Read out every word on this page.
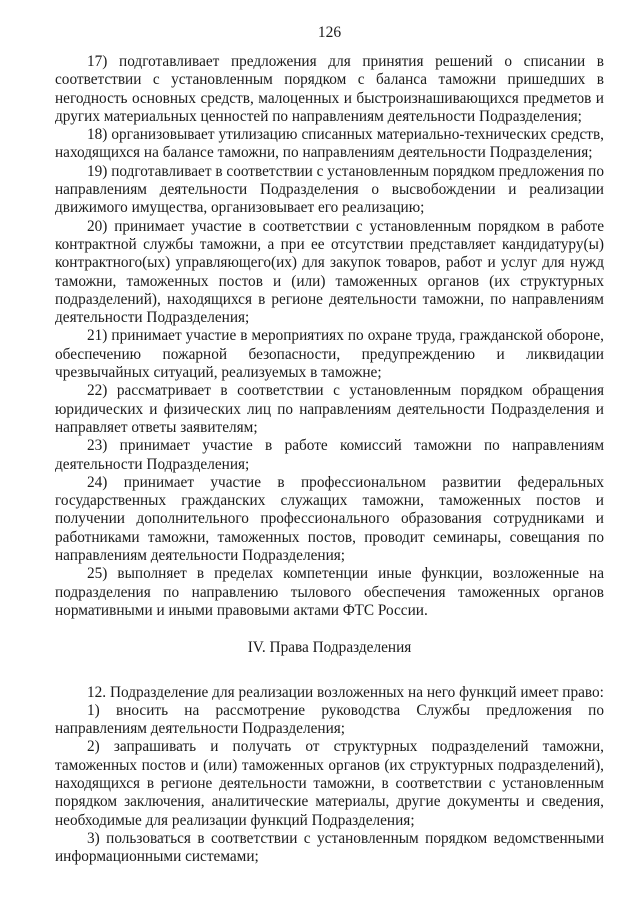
126

17) подготавливает предложения для принятия решений о списании в соответствии с установленным порядком с баланса таможни пришедших в негодность основных средств, малоценных и быстроизнашивающихся предметов и других материальных ценностей по направлениям деятельности Подразделения;

18) организовывает утилизацию списанных материально-технических средств, находящихся на балансе таможни, по направлениям деятельности Подразделения;

19) подготавливает в соответствии с установленным порядком предложения по направлениям деятельности Подразделения о высвобождении и реализации движимого имущества, организовывает его реализацию;

20) принимает участие в соответствии с установленным порядком в работе контрактной службы таможни, а при ее отсутствии представляет кандидатуру(ы) контрактного(ых) управляющего(их) для закупок товаров, работ и услуг для нужд таможни, таможенных постов и (или) таможенных органов (их структурных подразделений), находящихся в регионе деятельности таможни, по направлениям деятельности Подразделения;

21) принимает участие в мероприятиях по охране труда, гражданской обороне, обеспечению пожарной безопасности, предупреждению и ликвидации чрезвычайных ситуаций, реализуемых в таможне;

22) рассматривает в соответствии с установленным порядком обращения юридических и физических лиц по направлениям деятельности Подразделения и направляет ответы заявителям;

23) принимает участие в работе комиссий таможни по направлениям деятельности Подразделения;

24) принимает участие в профессиональном развитии федеральных государственных гражданских служащих таможни, таможенных постов и получении дополнительного профессионального образования сотрудниками и работниками таможни, таможенных постов, проводит семинары, совещания по направлениям деятельности Подразделения;

25) выполняет в пределах компетенции иные функции, возложенные на подразделения по направлению тылового обеспечения таможенных органов нормативными и иными правовыми актами ФТС России.

IV. Права Подразделения

12. Подразделение для реализации возложенных на него функций имеет право:

1) вносить на рассмотрение руководства Службы предложения по направлениям деятельности Подразделения;

2) запрашивать и получать от структурных подразделений таможни, таможенных постов и (или) таможенных органов (их структурных подразделений), находящихся в регионе деятельности таможни, в соответствии с установленным порядком заключения, аналитические материалы, другие документы и сведения, необходимые для реализации функций Подразделения;

3) пользоваться в соответствии с установленным порядком ведомственными информационными системами;
